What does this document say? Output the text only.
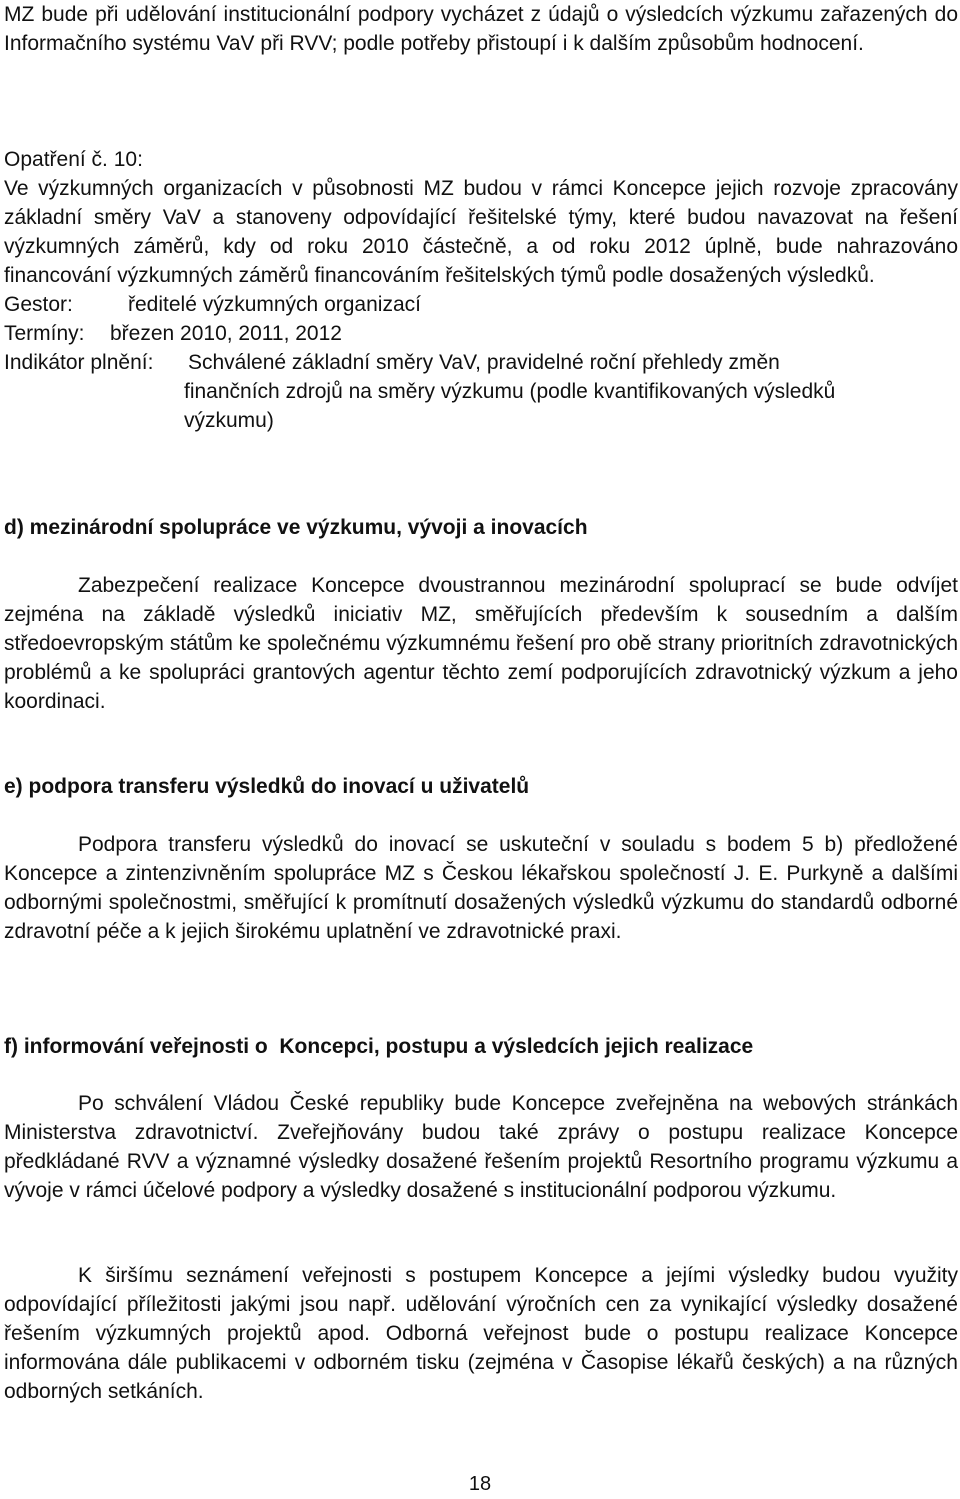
MZ bude při udělování institucionální podpory vycházet z údajů o výsledcích výzkumu zařazených do Informačního systému VaV při RVV; podle potřeby přistoupí i k dalším způsobům hodnocení.

Opatření č. 10:

Ve výzkumných organizacích v působnosti MZ budou v rámci Koncepce jejich rozvoje zpracovány základní směry VaV a stanoveny odpovídající řešitelské týmy, které budou navazovat na řešení výzkumných záměrů, kdy od roku 2010 částečně, a od roku 2012 úplně, bude nahrazováno financování výzkumných záměrů financováním řešitelských týmů podle dosažených výsledků.

Gestor:	ředitelé výzkumných organizací
Termíny:	březen 2010, 2011, 2012
Indikátor plnění:	Schválené základní směry VaV, pravidelné roční přehledy změn

finančních zdrojů na směry výzkumu (podle kvantifikovaných výsledků výzkumu)

d) mezinárodní spolupráce ve výzkumu, vývoji a inovacích

Zabezpečení realizace Koncepce dvoustrannou mezinárodní spoluprací se bude odvíjet zejména na základě výsledků iniciativ MZ, směřujících především k sousedním a dalším středoevropským státům ke společnému výzkumnému řešení pro obě strany prioritních zdravotnických problémů a ke spolupráci grantových agentur těchto zemí podporujících zdravotnický výzkum a jeho koordinaci.

e) podpora transferu výsledků do inovací u uživatelů

Podpora transferu výsledků do inovací se uskuteční v souladu s bodem 5 b) předložené Koncepce a zintenzivněním spolupráce MZ s Českou lékařskou společností J. E. Purkyně a dalšími odbornými společnostmi, směřující k promítnutí dosažených výsledků výzkumu do standardů odborné zdravotní péče a k jejich širokému uplatnění ve zdravotnické praxi.

f) informování veřejnosti o  Koncepci, postupu a výsledcích jejich realizace

Po schválení Vládou České republiky bude Koncepce zveřejněna na webových stránkách Ministerstva zdravotnictví. Zveřejňovány budou také zprávy o postupu realizace Koncepce předkládané RVV a významné výsledky dosažené řešením projektů Resortního programu výzkumu a vývoje v rámci účelové podpory a výsledky dosažené s institucionální podporou výzkumu.

K širšímu seznámení veřejnosti s postupem Koncepce a jejími výsledky budou využity odpovídající příležitosti jakými jsou např. udělování výročních cen za vynikající výsledky dosažené řešením výzkumných projektů apod. Odborná veřejnost bude o postupu realizace Koncepce informována dále publikacemi v odborném tisku (zejména v Časopise lékařů českých) a na různých odborných setkáních.

18
